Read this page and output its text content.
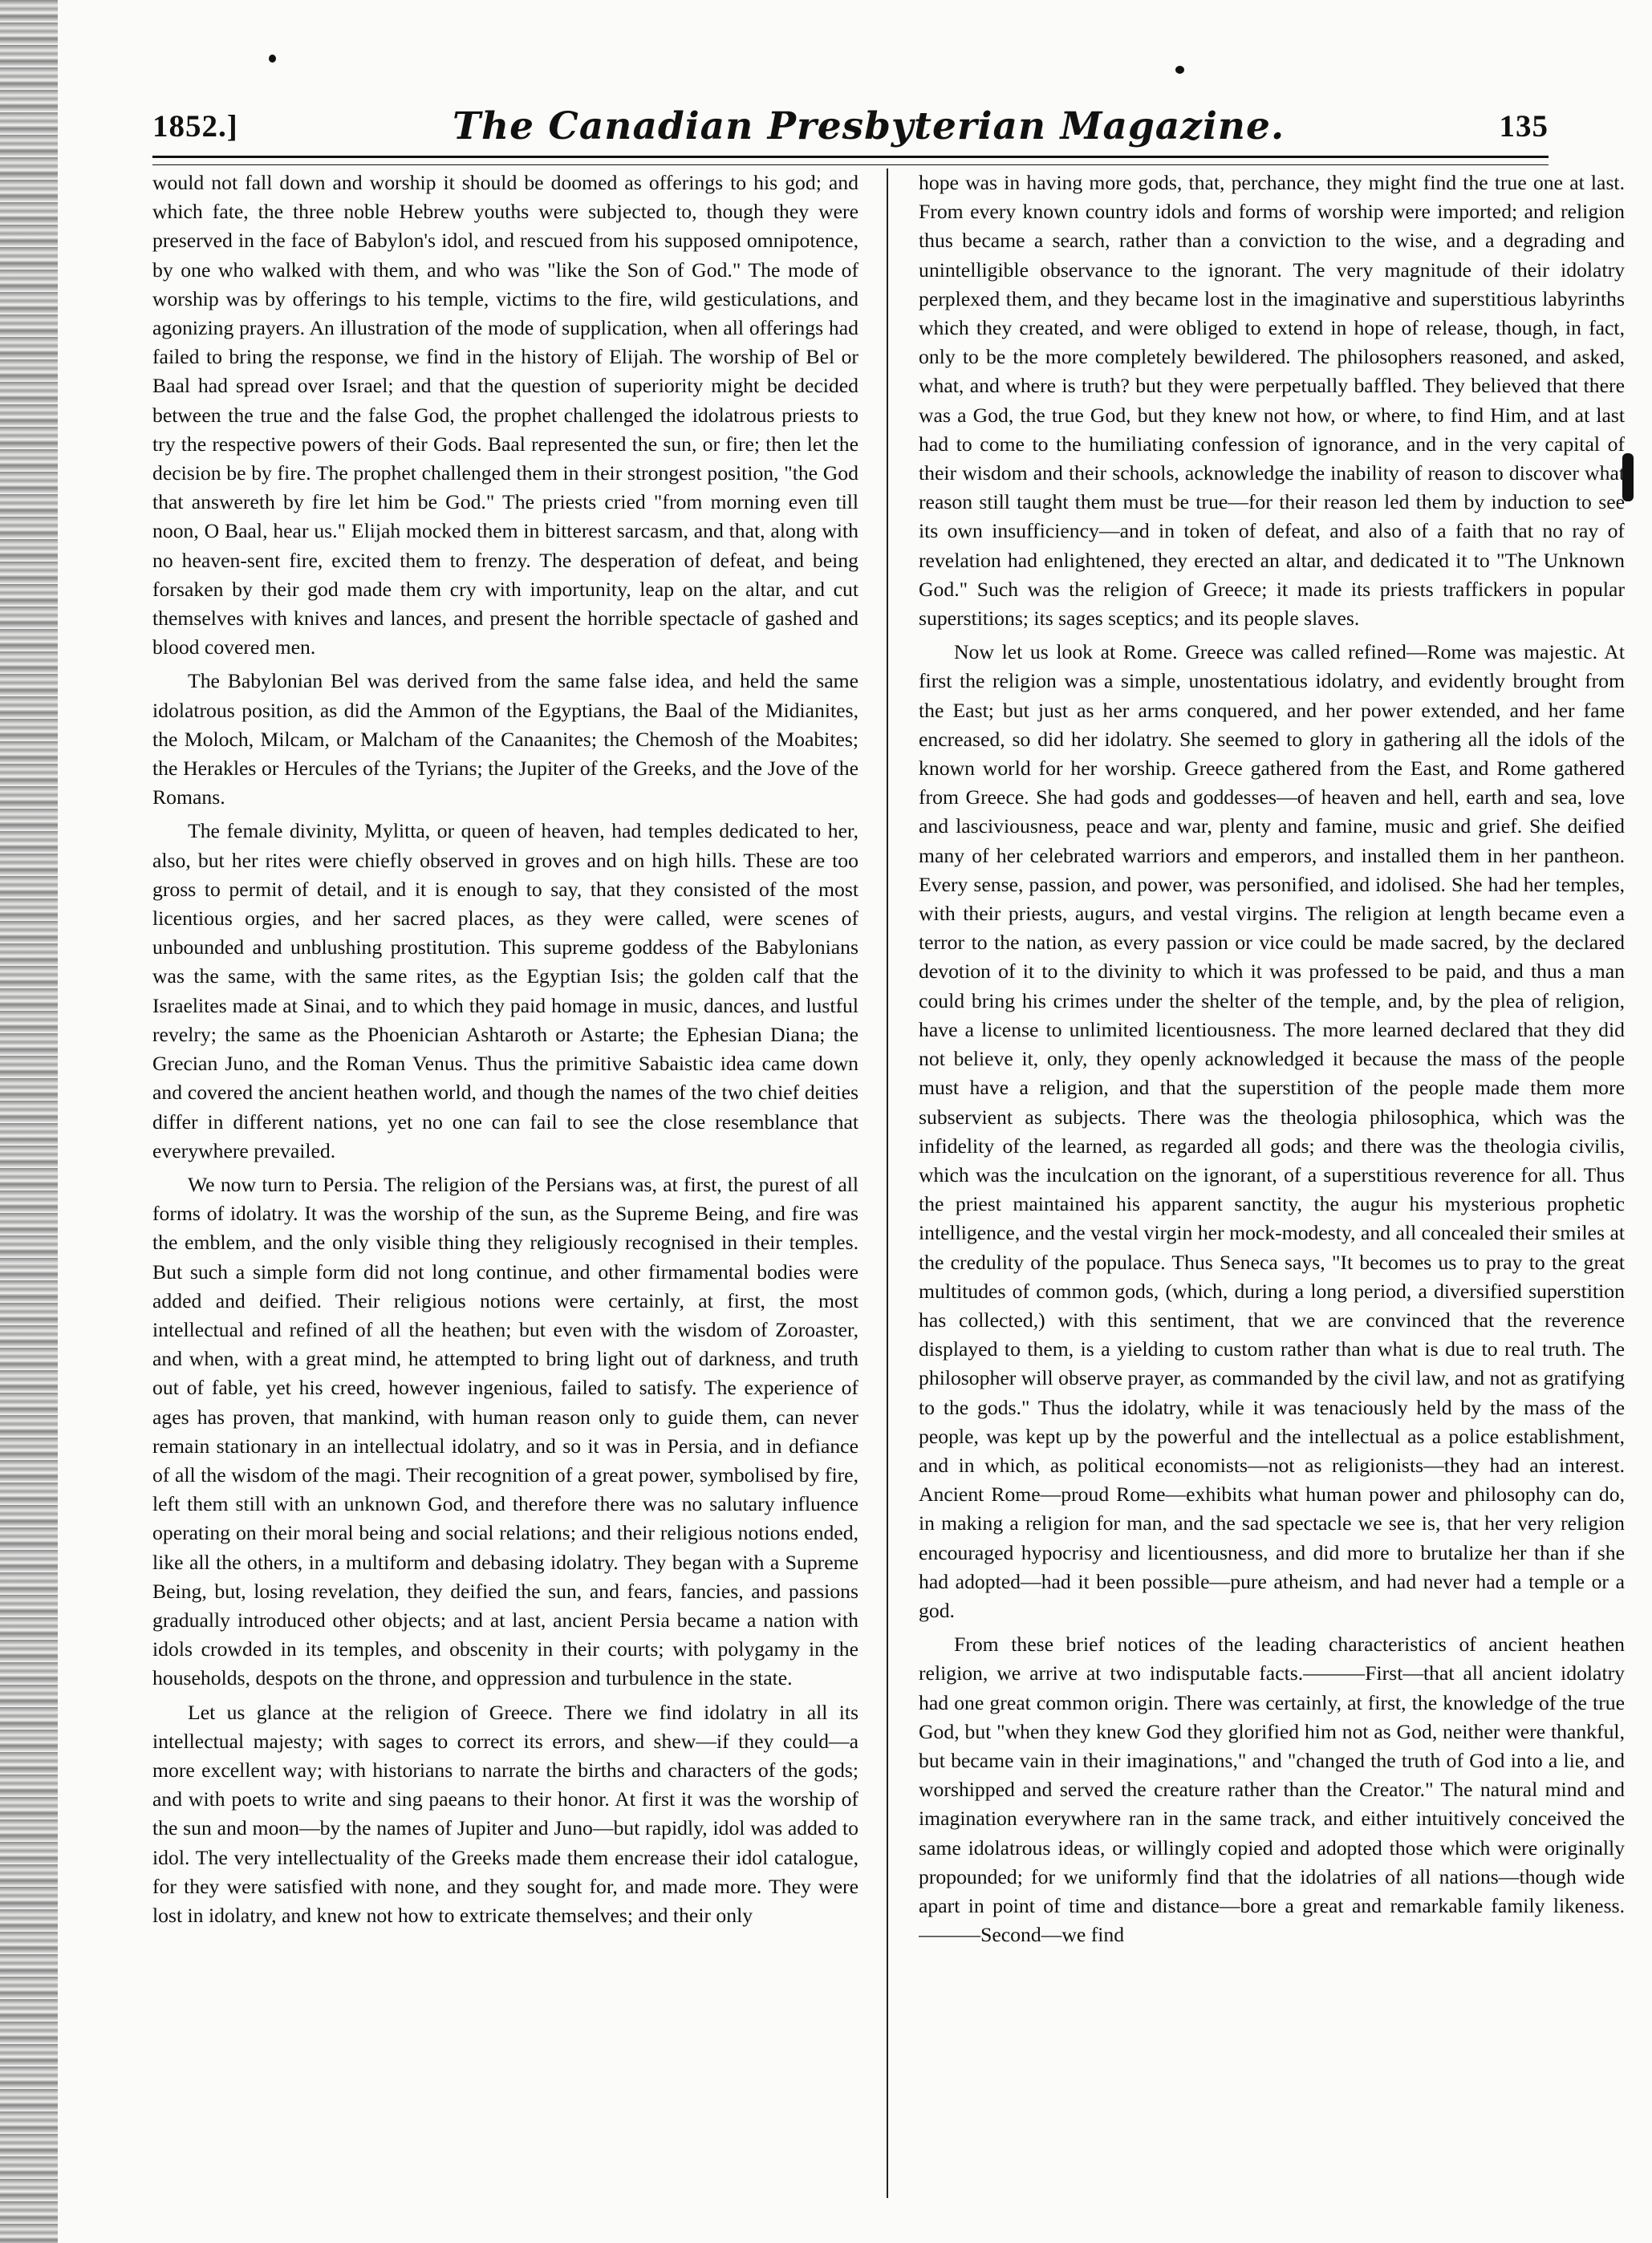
1852.]	The Canadian Presbyterian Magazine.	135

would not fall down and worship it should be doomed as offerings to his god; and which fate, the three noble Hebrew youths were subjected to, though they were preserved in the face of Babylon's idol, and rescued from his supposed omnipotence, by one who walked with them, and who was "like the Son of God." The mode of worship was by offerings to his temple, victims to the fire, wild gesticulations, and agonizing prayers. An illustration of the mode of supplication, when all offerings had failed to bring the response, we find in the history of Elijah. The worship of Bel or Baal had spread over Israel; and that the question of superiority might be decided between the true and the false God, the prophet challenged the idolatrous priests to try the respective powers of their Gods. Baal represented the sun, or fire; then let the decision be by fire. The prophet challenged them in their strongest position, "the God that answereth by fire let him be God." The priests cried "from morning even till noon, O Baal, hear us." Elijah mocked them in bitterest sarcasm, and that, along with no heaven-sent fire, excited them to frenzy. The desperation of defeat, and being forsaken by their god made them cry with importunity, leap on the altar, and cut themselves with knives and lances, and present the horrible spectacle of gashed and blood covered men.

The Babylonian Bel was derived from the same false idea, and held the same idolatrous position, as did the Ammon of the Egyptians, the Baal of the Midianites, the Moloch, Milcam, or Malcham of the Canaanites; the Chemosh of the Moabites; the Herakles or Hercules of the Tyrians; the Jupiter of the Greeks, and the Jove of the Romans.

The female divinity, Mylitta, or queen of heaven, had temples dedicated to her, also, but her rites were chiefly observed in groves and on high hills. These are too gross to permit of detail, and it is enough to say, that they consisted of the most licentious orgies, and her sacred places, as they were called, were scenes of unbounded and unblushing prostitution. This supreme goddess of the Babylonians was the same, with the same rites, as the Egyptian Isis; the golden calf that the Israelites made at Sinai, and to which they paid homage in music, dances, and lustful revelry; the same as the Phoenician Ashtaroth or Astarte; the Ephesian Diana; the Grecian Juno, and the Roman Venus. Thus the primitive Sabaistic idea came down and covered the ancient heathen world, and though the names of the two chief deities differ in different nations, yet no one can fail to see the close resemblance that everywhere prevailed.

We now turn to Persia. The religion of the Persians was, at first, the purest of all forms of idolatry. It was the worship of the sun, as the Supreme Being, and fire was the emblem, and the only visible thing they religiously recognised in their temples. But such a simple form did not long continue, and other firmamental bodies were added and deified. Their religious notions were certainly, at first, the most intellectual and refined of all the heathen; but even with the wisdom of Zoroaster, and when, with a great mind, he attempted to bring light out of darkness, and truth out of fable, yet his creed, however ingenious, failed to satisfy. The experience of ages has proven, that mankind, with human reason only to guide them, can never remain stationary in an intellectual idolatry, and so it was in Persia, and in defiance of all the wisdom of the magi. Their recognition of a great power, symbolised by fire, left them still with an unknown God, and therefore there was no salutary influence operating on their moral being and social relations; and their religious notions ended, like all the others, in a multiform and debasing idolatry. They began with a Supreme Being, but, losing revelation, they deified the sun, and fears, fancies, and passions gradually introduced other objects; and at last, ancient Persia became a nation with idols crowded in its temples, and obscenity in their courts; with polygamy in the households, despots on the throne, and oppression and turbulence in the state.

Let us glance at the religion of Greece. There we find idolatry in all its intellectual majesty; with sages to correct its errors, and shew—if they could—a more excellent way; with historians to narrate the births and characters of the gods; and with poets to write and sing paeans to their honor. At first it was the worship of the sun and moon—by the names of Jupiter and Juno—but rapidly, idol was added to idol. The very intellectuality of the Greeks made them encrease their idol catalogue, for they were satisfied with none, and they sought for, and made more. They were lost in idolatry, and knew not how to extricate themselves; and their only

hope was in having more gods, that, perchance, they might find the true one at last. From every known country idols and forms of worship were imported; and religion thus became a search, rather than a conviction to the wise, and a degrading and unintelligible observance to the ignorant. The very magnitude of their idolatry perplexed them, and they became lost in the imaginative and superstitious labyrinths which they created, and were obliged to extend in hope of release, though, in fact, only to be the more completely bewildered. The philosophers reasoned, and asked, what, and where is truth? but they were perpetually baffled. They believed that there was a God, the true God, but they knew not how, or where, to find Him, and at last had to come to the humiliating confession of ignorance, and in the very capital of their wisdom and their schools, acknowledge the inability of reason to discover what reason still taught them must be true—for their reason led them by induction to see its own insufficiency—and in token of defeat, and also of a faith that no ray of revelation had enlightened, they erected an altar, and dedicated it to "The Unknown God." Such was the religion of Greece; it made its priests traffickers in popular superstitions; its sages sceptics; and its people slaves.

Now let us look at Rome. Greece was called refined—Rome was majestic. At first the religion was a simple, unostentatious idolatry, and evidently brought from the East; but just as her arms conquered, and her power extended, and her fame encreased, so did her idolatry. She seemed to glory in gathering all the idols of the known world for her worship. Greece gathered from the East, and Rome gathered from Greece. She had gods and goddesses—of heaven and hell, earth and sea, love and lasciviousness, peace and war, plenty and famine, music and grief. She deified many of her celebrated warriors and emperors, and installed them in her pantheon. Every sense, passion, and power, was personified, and idolised. She had her temples, with their priests, augurs, and vestal virgins. The religion at length became even a terror to the nation, as every passion or vice could be made sacred, by the declared devotion of it to the divinity to which it was professed to be paid, and thus a man could bring his crimes under the shelter of the temple, and, by the plea of religion, have a license to unlimited licentiousness. The more learned declared that they did not believe it, only, they openly acknowledged it because the mass of the people must have a religion, and that the superstition of the people made them more subservient as subjects. There was the theologia philosophica, which was the infidelity of the learned, as regarded all gods; and there was the theologia civilis, which was the inculcation on the ignorant, of a superstitious reverence for all. Thus the priest maintained his apparent sanctity, the augur his mysterious prophetic intelligence, and the vestal virgin her mock-modesty, and all concealed their smiles at the credulity of the populace. Thus Seneca says, "It becomes us to pray to the great multitudes of common gods, (which, during a long period, a diversified superstition has collected,) with this sentiment, that we are convinced that the reverence displayed to them, is a yielding to custom rather than what is due to real truth. The philosopher will observe prayer, as commanded by the civil law, and not as gratifying to the gods." Thus the idolatry, while it was tenaciously held by the mass of the people, was kept up by the powerful and the intellectual as a police establishment, and in which, as political economists—not as religionists—they had an interest. Ancient Rome—proud Rome—exhibits what human power and philosophy can do, in making a religion for man, and the sad spectacle we see is, that her very religion encouraged hypocrisy and licentiousness, and did more to brutalize her than if she had adopted—had it been possible—pure atheism, and had never had a temple or a god.

From these brief notices of the leading characteristics of ancient heathen religion, we arrive at two indisputable facts.———First—that all ancient idolatry had one great common origin. There was certainly, at first, the knowledge of the true God, but "when they knew God they glorified him not as God, neither were thankful, but became vain in their imaginations," and "changed the truth of God into a lie, and worshipped and served the creature rather than the Creator." The natural mind and imagination everywhere ran in the same track, and either intuitively conceived the same idolatrous ideas, or willingly copied and adopted those which were originally propounded; for we uniformly find that the idolatries of all nations—though wide apart in point of time and distance—bore a great and remarkable family likeness.———Second—we find
